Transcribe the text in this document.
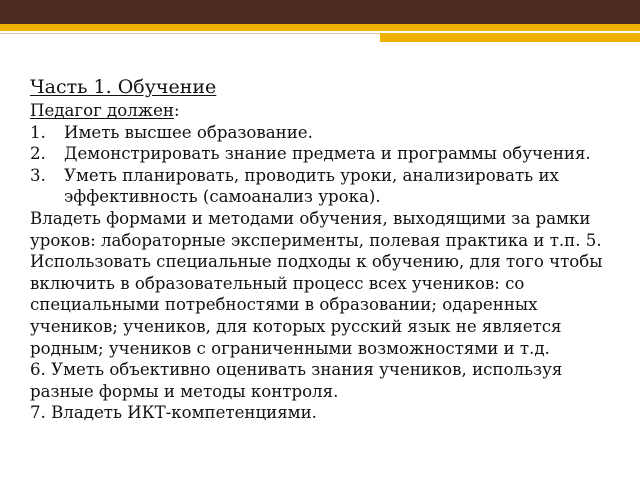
Часть 1. Обучение
Педагог должен:
1. Иметь высшее образование.
2. Демонстрировать знание предмета и программы обучения.
3. Уметь планировать, проводить уроки, анализировать их эффективность (самоанализ урока).

Владеть формами и методами обучения, выходящими за рамки уроков: лабораторные эксперименты, полевая практика и т.п. 5. Использовать специальные подходы к обучению, для того чтобы включить в образовательный процесс всех учеников: со специальными потребностями в образовании; одаренных учеников; учеников, для которых русский язык не является родным; учеников с ограниченными возможностями и т.д.

6. Уметь объективно оценивать знания учеников, используя разные формы и методы контроля.

7. Владеть ИКТ-компетенциями.
